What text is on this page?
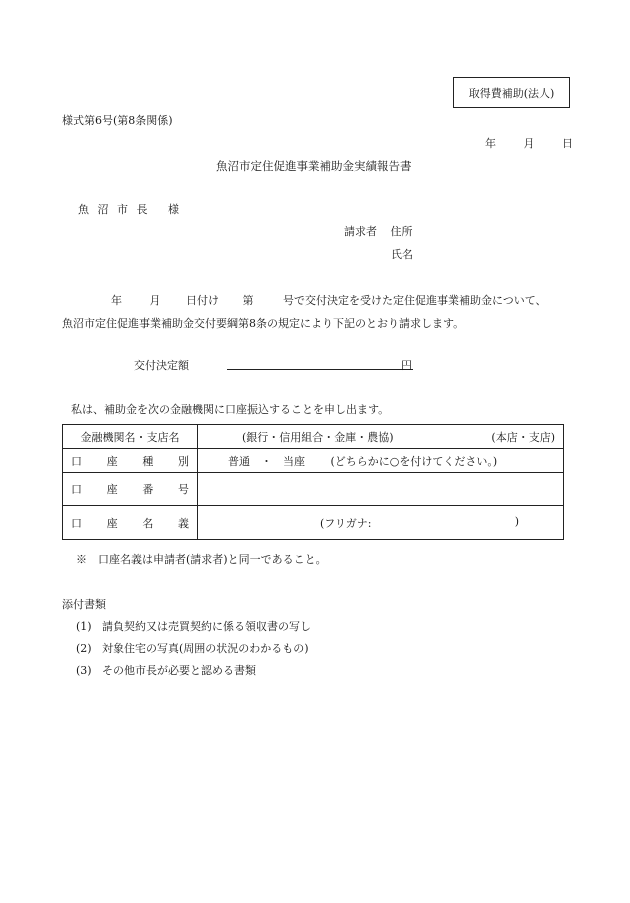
取得費補助(法人)
様式第6号(第8条関係)
年	月	日
魚沼市定住促進事業補助金実績報告書
魚 沼 市 長 様
請求者 住所
氏名
年	月 日付け 第	号で交付決定を受けた定住促進事業補助金について、
魚沼市定住促進事業補助金交付要綱第8条の規定により下記のとおり請求します。
交付決定額	円
私は、補助金を次の金融機関に口座振込することを申し出ます。
金融機関名・支店名	(銀行・信用組合・金庫・農協) (本店・支店)

口 座 種 別	普通　・　当座 (どちらかに○を付けてください。)

口 座 番 号	

口 座 名 義	(フリガナ: )
※　口座名義は申請者(請求者)と同一であること。
添付書類
(1) 請負契約又は売買契約に係る領収書の写し
(2) 対象住宅の写真(周囲の状況のわかるもの)
(3) その他市長が必要と認める書類
